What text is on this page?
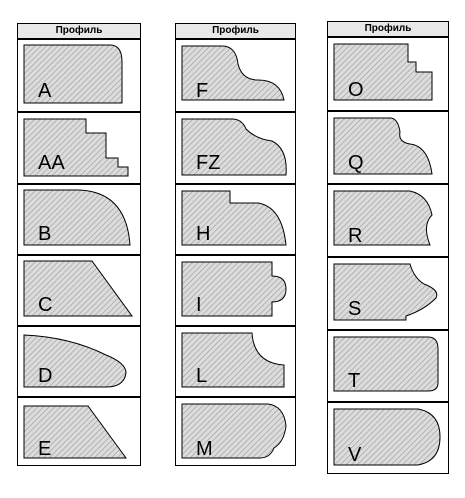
Профиль
A
AA
B
C
D
E
Профиль
F
FZ
H
I
L
M
Профиль
O
Q
R
S
T
V
